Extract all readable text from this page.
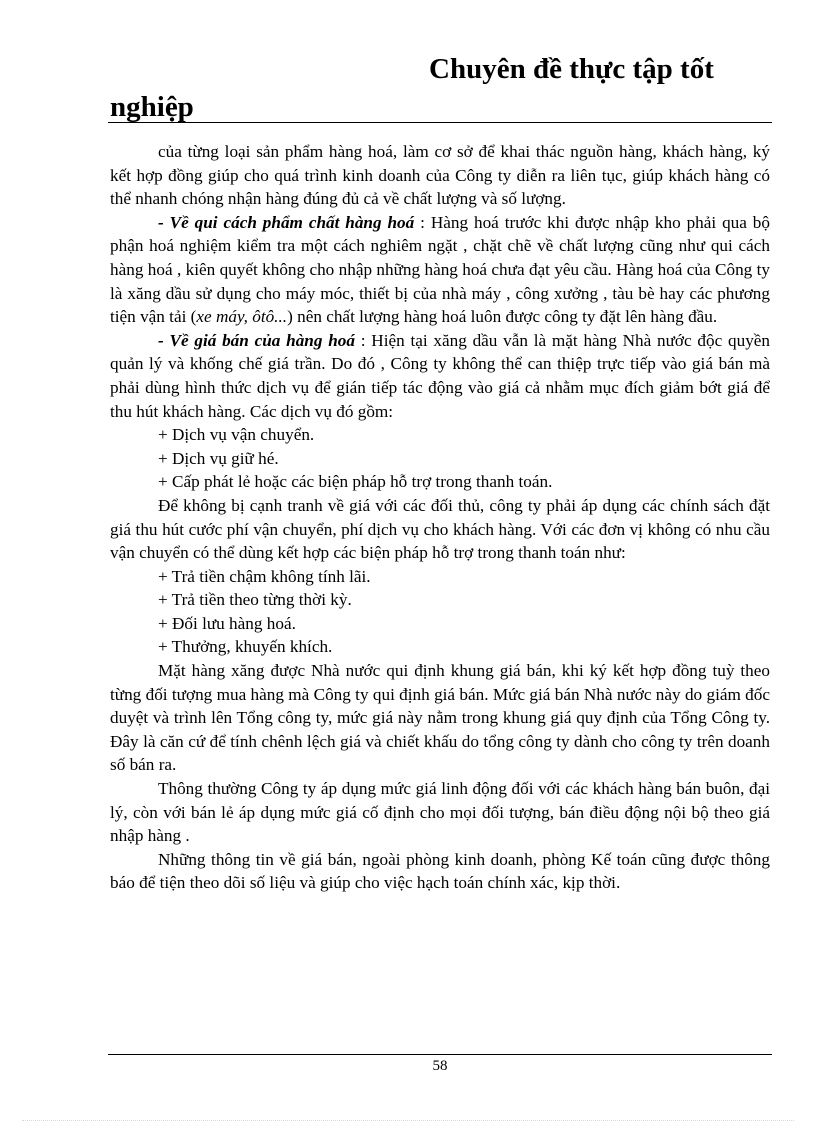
Chuyên đề thực tập tốt
nghiệp

của từng loại sản phẩm hàng hoá, làm cơ sở để khai thác nguồn hàng, khách hàng, ký kết hợp đồng giúp cho quá trình kinh doanh của Công ty diễn ra liên tục, giúp khách hàng có thể nhanh chóng nhận hàng đúng đủ cả về chất lượng và số lượng.

- Về qui cách phẩm chất hàng hoá : Hàng hoá trước khi được nhập kho phải qua bộ phận hoá nghiệm kiểm tra một cách nghiêm ngặt , chặt chẽ về chất lượng cũng như qui cách hàng hoá , kiên quyết không cho nhập những hàng hoá chưa đạt yêu cầu. Hàng hoá của Công ty là xăng dầu sử dụng cho máy móc, thiết bị của nhà máy , công xưởng , tàu bè hay các phương tiện vận tải (xe máy, ôtô...) nên chất lượng hàng hoá luôn được công ty đặt lên hàng đầu.

- Về giá bán của hàng hoá : Hiện tại xăng dầu vẫn là mặt hàng Nhà nước độc quyền quản lý và khống chế giá trần. Do đó , Công ty không thể can thiệp trực tiếp vào giá bán mà phải dùng hình thức dịch vụ để gián tiếp tác động vào giá cả nhằm mục đích giảm bớt giá để thu hút khách hàng. Các dịch vụ đó gồm:

+ Dịch vụ vận chuyển.

+ Dịch vụ giữ hé.

+ Cấp phát lẻ hoặc các biện pháp hỗ trợ trong thanh toán.

Để không bị cạnh tranh về giá với các đối thủ, công ty phải áp dụng các chính sách đặt giá thu hút cước phí vận chuyển, phí dịch vụ cho khách hàng. Với các đơn vị không có nhu cầu vận chuyển có thể dùng kết hợp các biện pháp hỗ trợ trong thanh toán như:

+ Trả tiền chậm không tính lãi.

+ Trả tiền theo từng thời kỳ.

+ Đối lưu hàng hoá.

+ Thưởng, khuyến khích.

Mặt hàng xăng được Nhà nước qui định khung giá bán, khi ký kết hợp đồng tuỳ theo từng đối tượng mua hàng mà Công ty qui định giá bán. Mức giá bán Nhà nước này do giám đốc duyệt và trình lên Tổng công ty, mức giá này nằm trong khung giá quy định của Tổng Công ty. Đây là căn cứ để tính chênh lệch giá và chiết khấu do tổng công ty dành cho công ty trên doanh số bán ra.

Thông thường Công ty áp dụng mức giá linh động đối với các khách hàng bán buôn, đại lý, còn với bán lẻ áp dụng mức giá cố định cho mọi đối tượng, bán điều động nội bộ theo giá nhập hàng .

Những thông tin về giá bán, ngoài phòng kinh doanh, phòng Kế toán cũng được thông báo để tiện theo dõi số liệu và giúp cho việc hạch toán chính xác, kịp thời.

58
